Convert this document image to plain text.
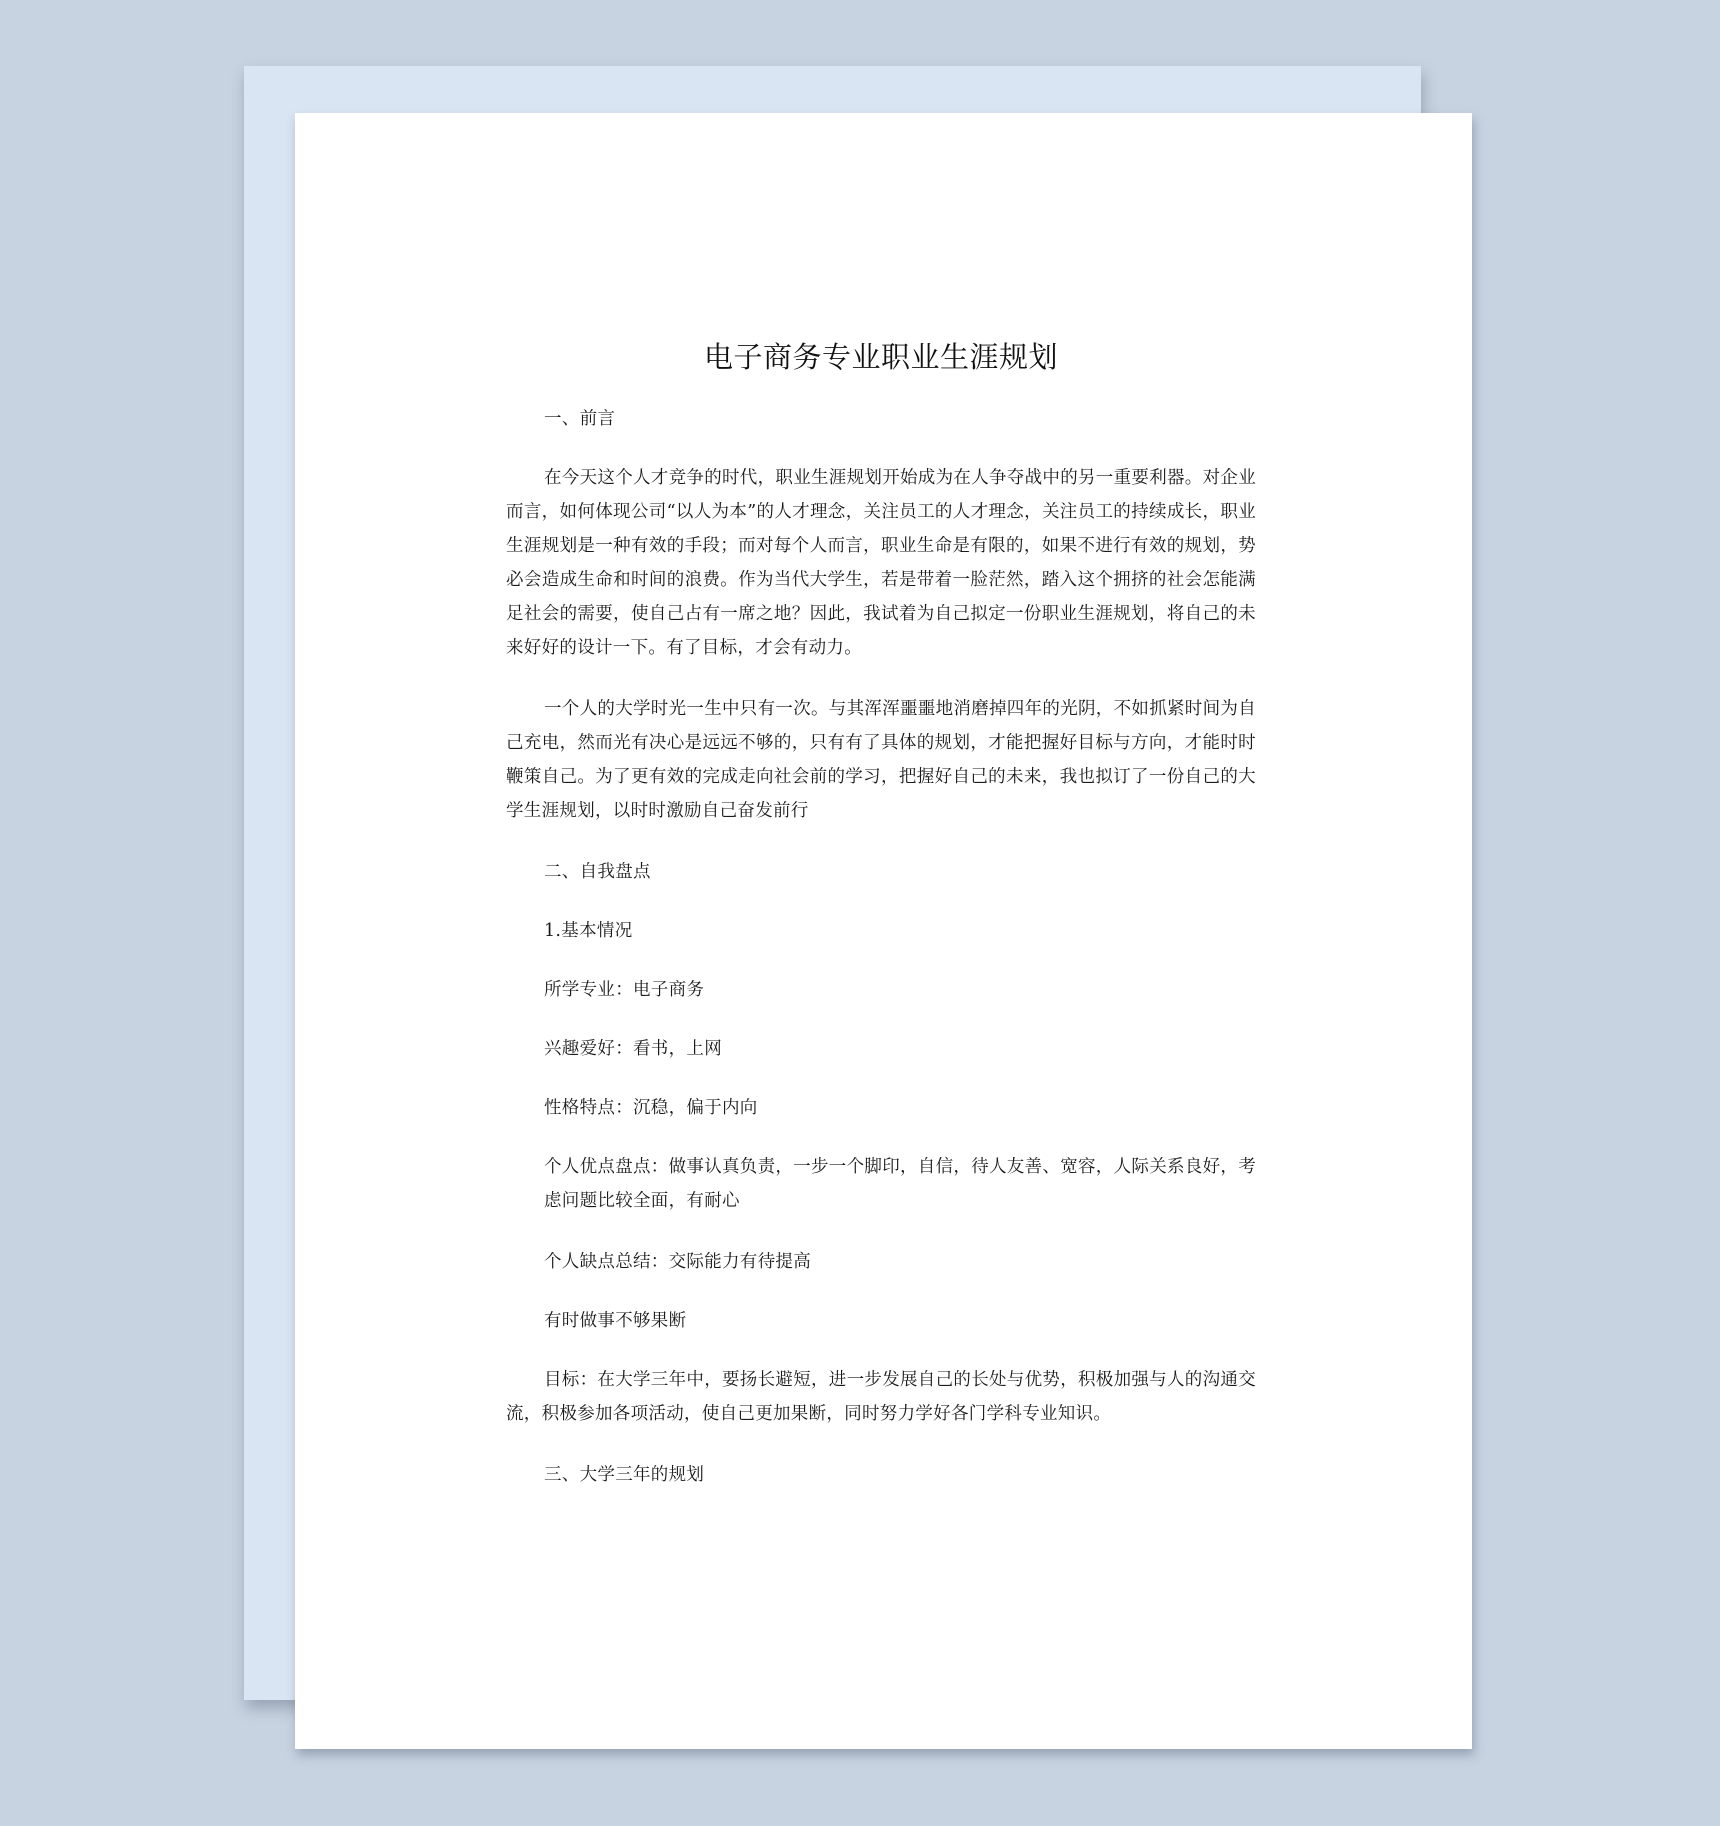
电子商务专业职业生涯规划
一、前言
在今天这个人才竞争的时代，职业生涯规划开始成为在人争夺战中的另一重要利器。对企业而言，如何体现公司“以人为本”的人才理念，关注员工的人才理念，关注员工的持续成长，职业生涯规划是一种有效的手段；而对每个人而言，职业生命是有限的，如果不进行有效的规划，势必会造成生命和时间的浪费。作为当代大学生，若是带着一脸茫然，踏入这个拥挤的社会怎能满足社会的需要，使自己占有一席之地？因此，我试着为自己拟定一份职业生涯规划，将自己的未来好好的设计一下。有了目标，才会有动力。
一个人的大学时光一生中只有一次。与其浑浑噩噩地消磨掉四年的光阴，不如抓紧时间为自己充电，然而光有决心是远远不够的，只有有了具体的规划，才能把握好目标与方向，才能时时鞭策自己。为了更有效的完成走向社会前的学习，把握好自己的未来，我也拟订了一份自己的大学生涯规划，以时时激励自己奋发前行
二、自我盘点
1.基本情况
所学专业：电子商务
兴趣爱好：看书，上网
性格特点：沉稳，偏于内向
个人优点盘点：做事认真负责，一步一个脚印，自信，待人友善、宽容，人际关系良好，考虑问题比较全面，有耐心
个人缺点总结：交际能力有待提高
有时做事不够果断
目标：在大学三年中，要扬长避短，进一步发展自己的长处与优势，积极加强与人的沟通交流，积极参加各项活动，使自己更加果断，同时努力学好各门学科专业知识。
三、大学三年的规划
